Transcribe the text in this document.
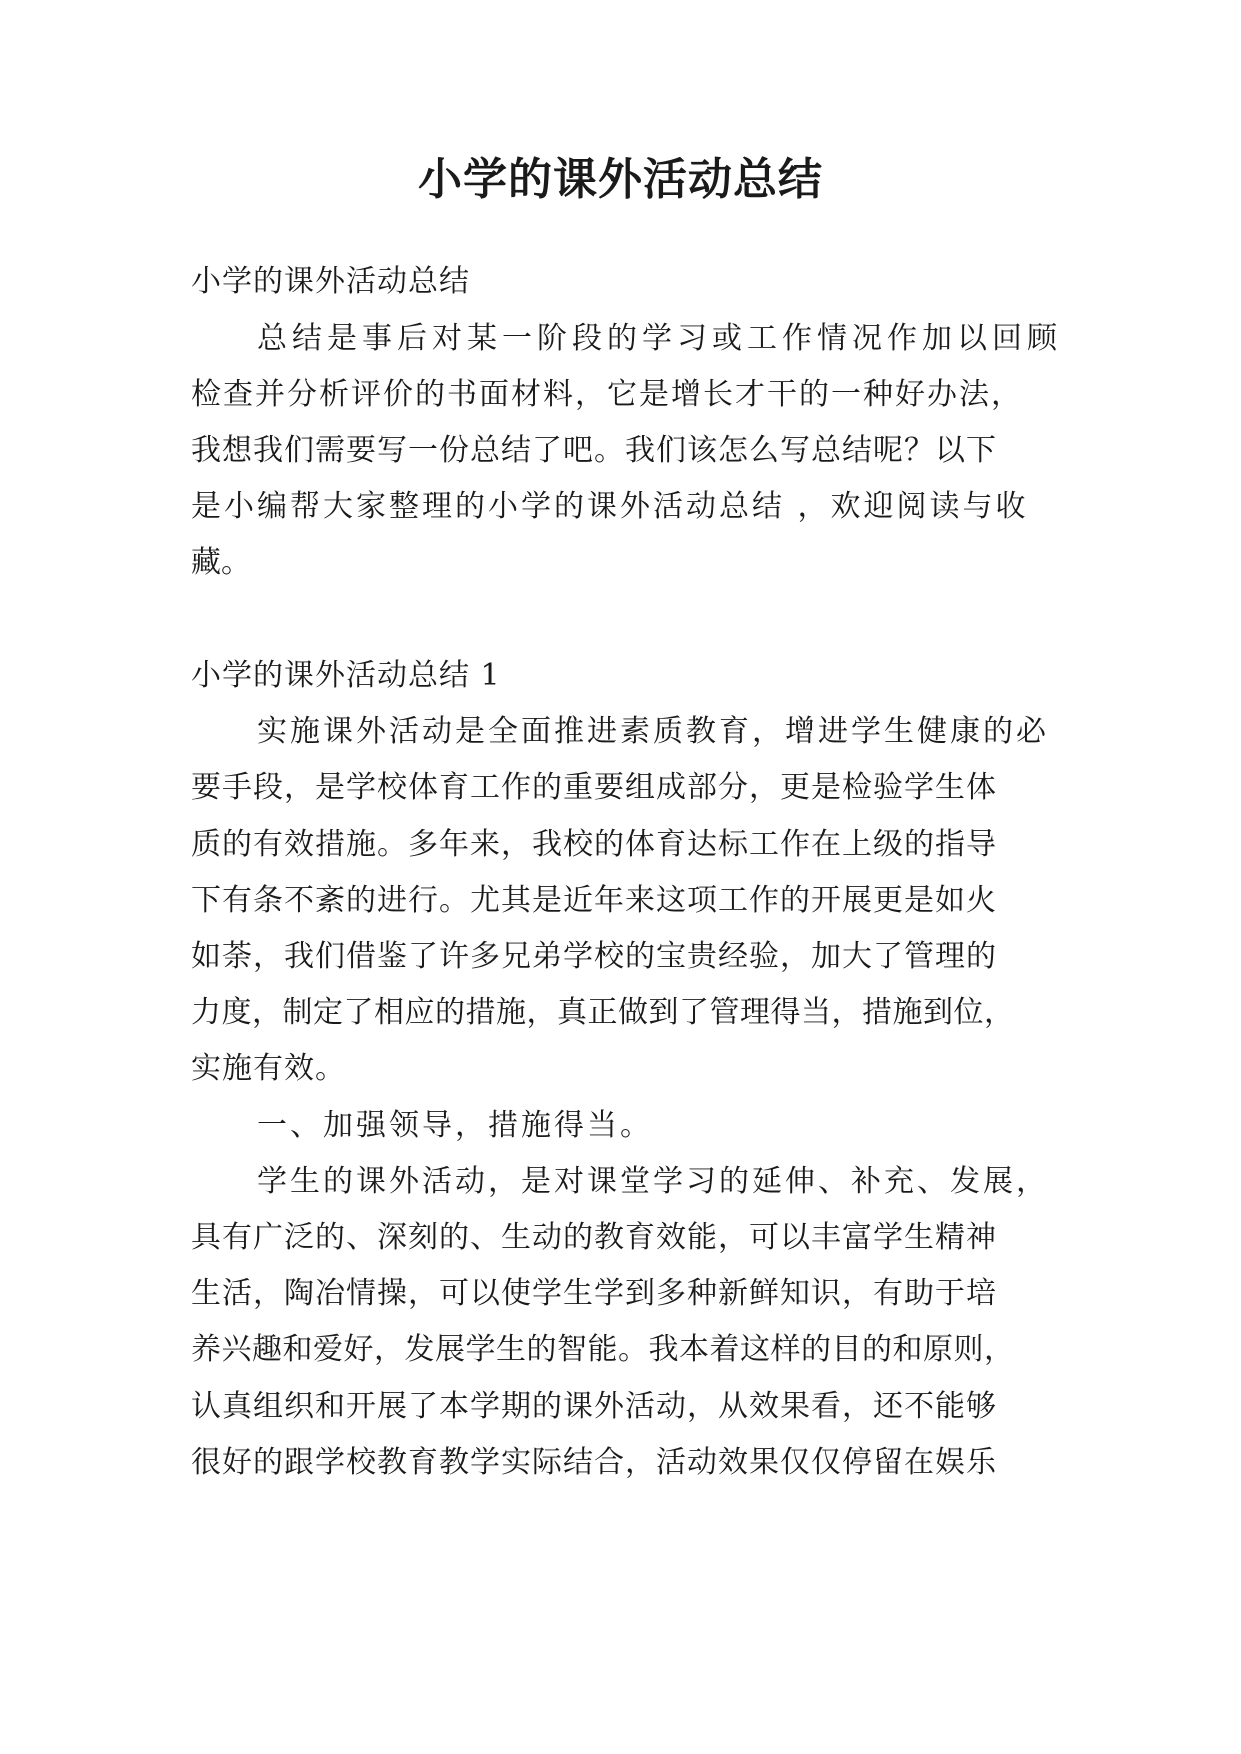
小学的课外活动总结

小学的课外活动总结

总结是事后对某一阶段的学习或工作情况作加以回顾

检查并分析评价的书面材料，它是增长才干的一种好办法，

我想我们需要写一份总结了吧。我们该怎么写总结呢？以下

是小编帮大家整理的小学的课外活动总结 ，欢迎阅读与收

藏。

小学的课外活动总结 1

实施课外活动是全面推进素质教育，增进学生健康的必

要手段，是学校体育工作的重要组成部分，更是检验学生体

质的有效措施。多年来，我校的体育达标工作在上级的指导

下有条不紊的进行。尤其是近年来这项工作的开展更是如火

如荼，我们借鉴了许多兄弟学校的宝贵经验，加大了管理的

力度，制定了相应的措施，真正做到了管理得当，措施到位，

实施有效。

一、加强领导，措施得当。

学生的课外活动，是对课堂学习的延伸、补充、发展，

具有广泛的、深刻的、生动的教育效能，可以丰富学生精神

生活，陶冶情操，可以使学生学到多种新鲜知识，有助于培

养兴趣和爱好，发展学生的智能。我本着这样的目的和原则，

认真组织和开展了本学期的课外活动，从效果看，还不能够

很好的跟学校教育教学实际结合，活动效果仅仅停留在娱乐
